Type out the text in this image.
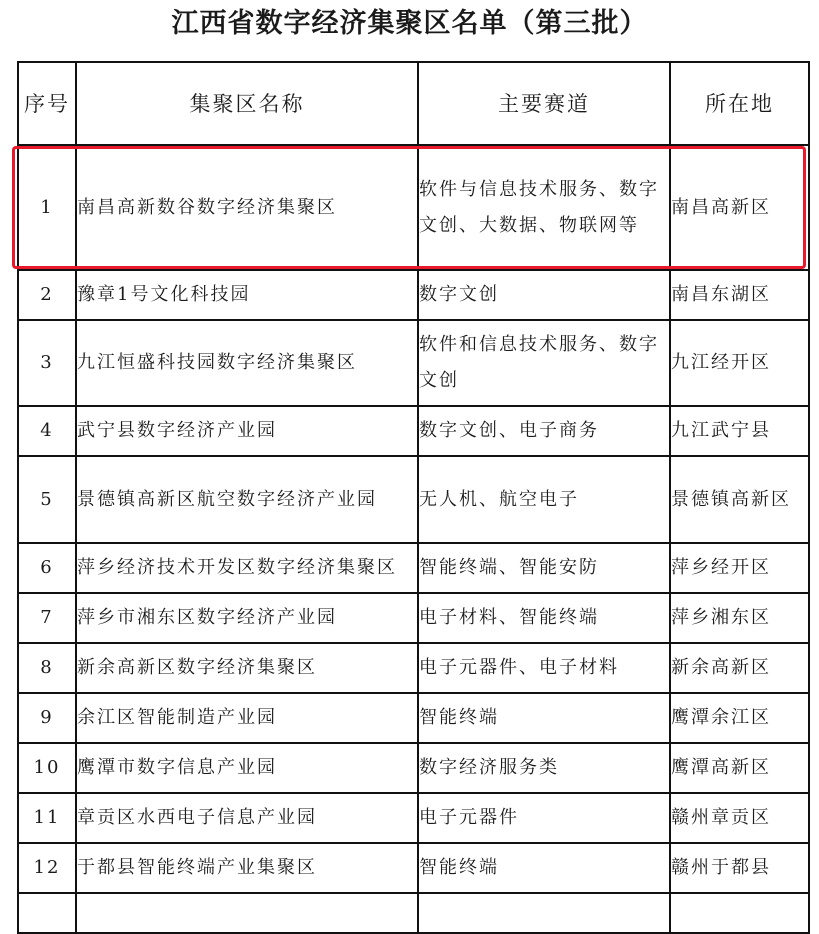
江西省数字经济集聚区名单（第三批）
序号	集聚区名称	主要赛道	所在地
1	南昌高新数谷数字经济集聚区	软件与信息技术服务、数字文创、大数据、物联网等	南昌高新区
2	豫章1号文化科技园	数字文创	南昌东湖区
3	九江恒盛科技园数字经济集聚区	软件和信息技术服务、数字文创	九江经开区
4	武宁县数字经济产业园	数字文创、电子商务	九江武宁县
5	景德镇高新区航空数字经济产业园	无人机、航空电子	景德镇高新区
6	萍乡经济技术开发区数字经济集聚区	智能终端、智能安防	萍乡经开区
7	萍乡市湘东区数字经济产业园	电子材料、智能终端	萍乡湘东区
8	新余高新区数字经济集聚区	电子元器件、电子材料	新余高新区
9	余江区智能制造产业园	智能终端	鹰潭余江区
10	鹰潭市数字信息产业园	数字经济服务类	鹰潭高新区
11	章贡区水西电子信息产业园	电子元器件	赣州章贡区
12	于都县智能终端产业集聚区	智能终端	赣州于都县
